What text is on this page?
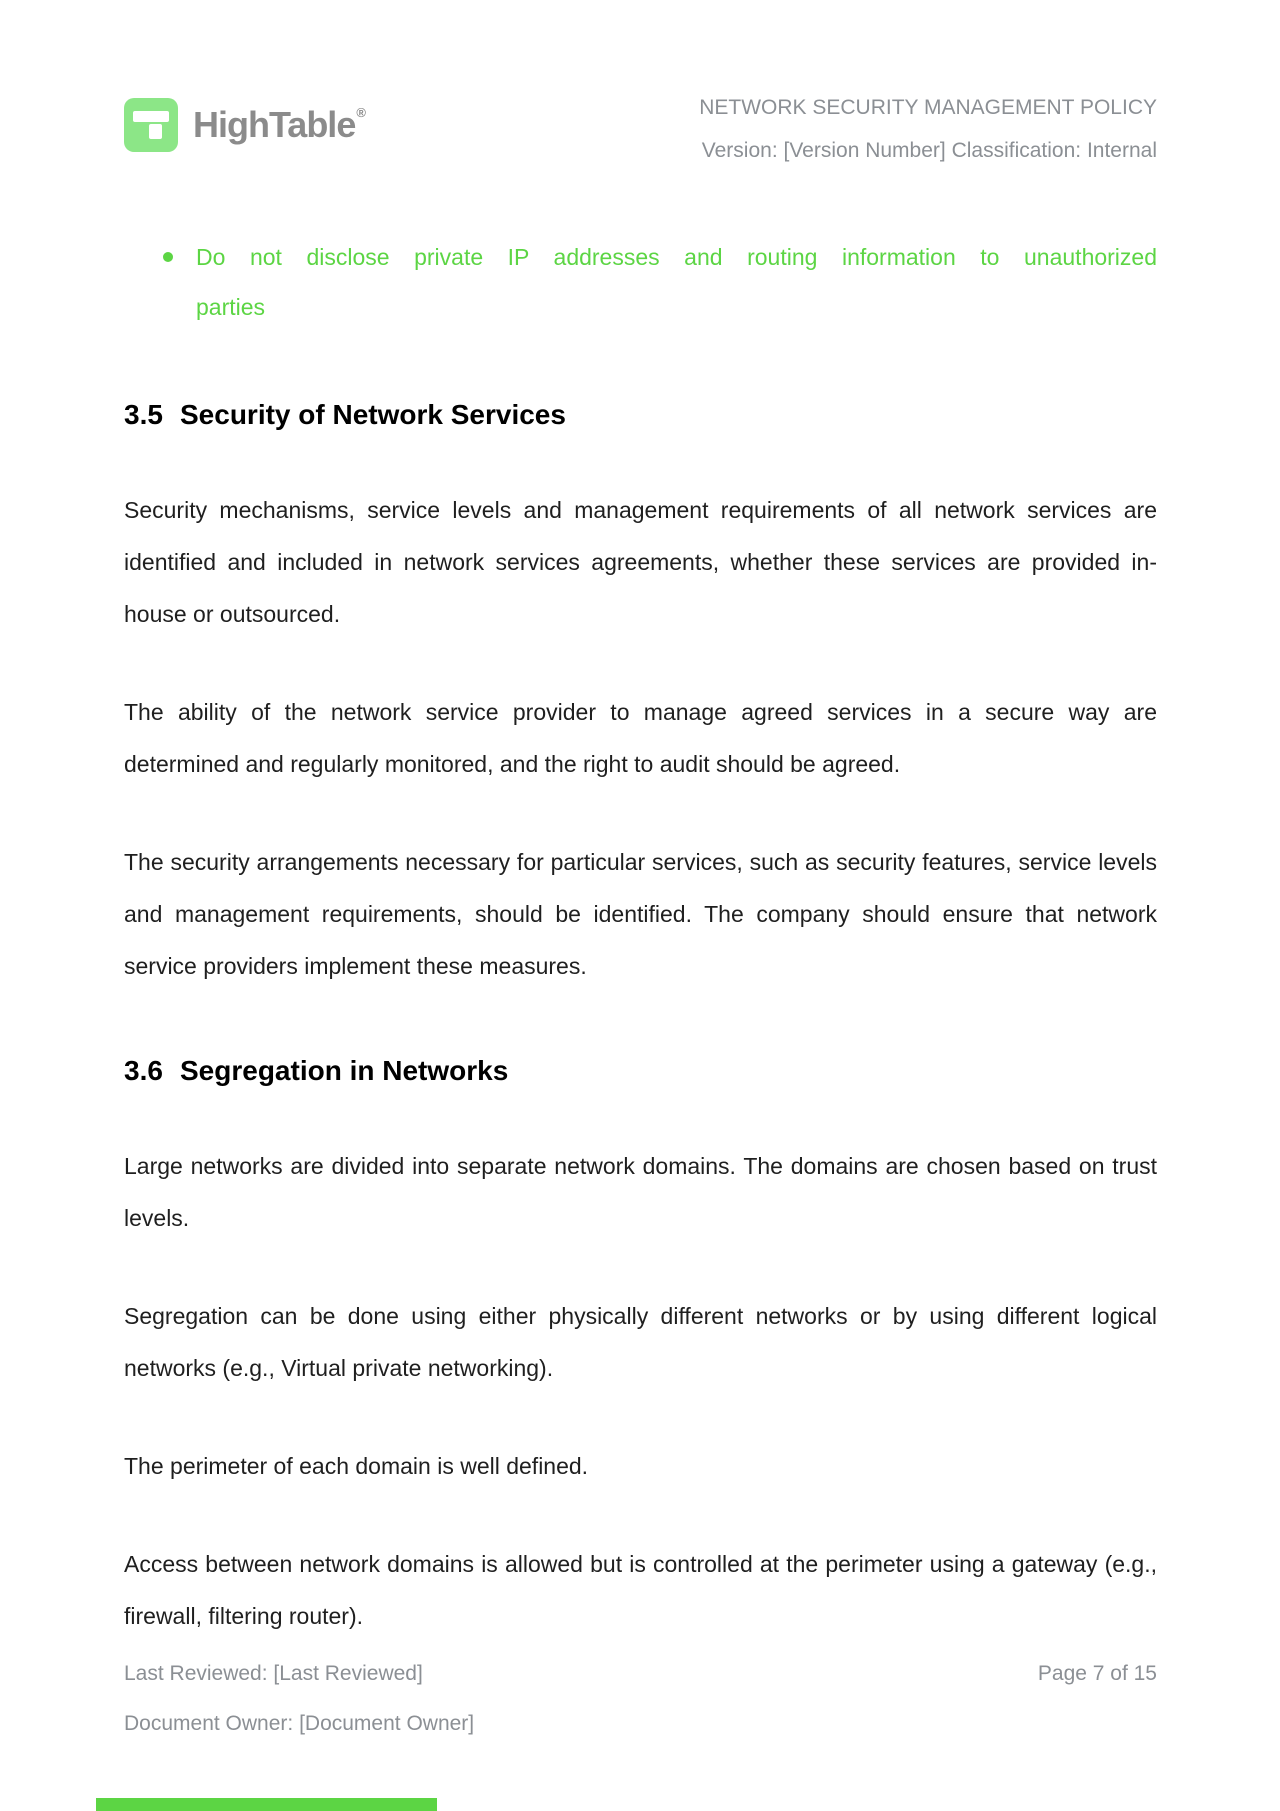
HighTable®	NETWORK SECURITY MANAGEMENT POLICY
Version: [Version Number] Classification: Internal
Do not disclose private IP addresses and routing information to unauthorized
parties
3.5 Security of Network Services

Security mechanisms, service levels and management requirements of all network services are identified and included in network services agreements, whether these services are provided in-house or outsourced.

The ability of the network service provider to manage agreed services in a secure way are determined and regularly monitored, and the right to audit should be agreed.

The security arrangements necessary for particular services, such as security features, service levels and management requirements, should be identified. The company should ensure that network service providers implement these measures.

3.6 Segregation in Networks

Large networks are divided into separate network domains. The domains are chosen based on trust levels.

Segregation can be done using either physically different networks or by using different logical networks (e.g., Virtual private networking).

The perimeter of each domain is well defined.

Access between network domains is allowed but is controlled at the perimeter using a gateway (e.g., firewall, filtering router).

Last Reviewed: [Last Reviewed]	Page 7 of 15
Document Owner: [Document Owner]
